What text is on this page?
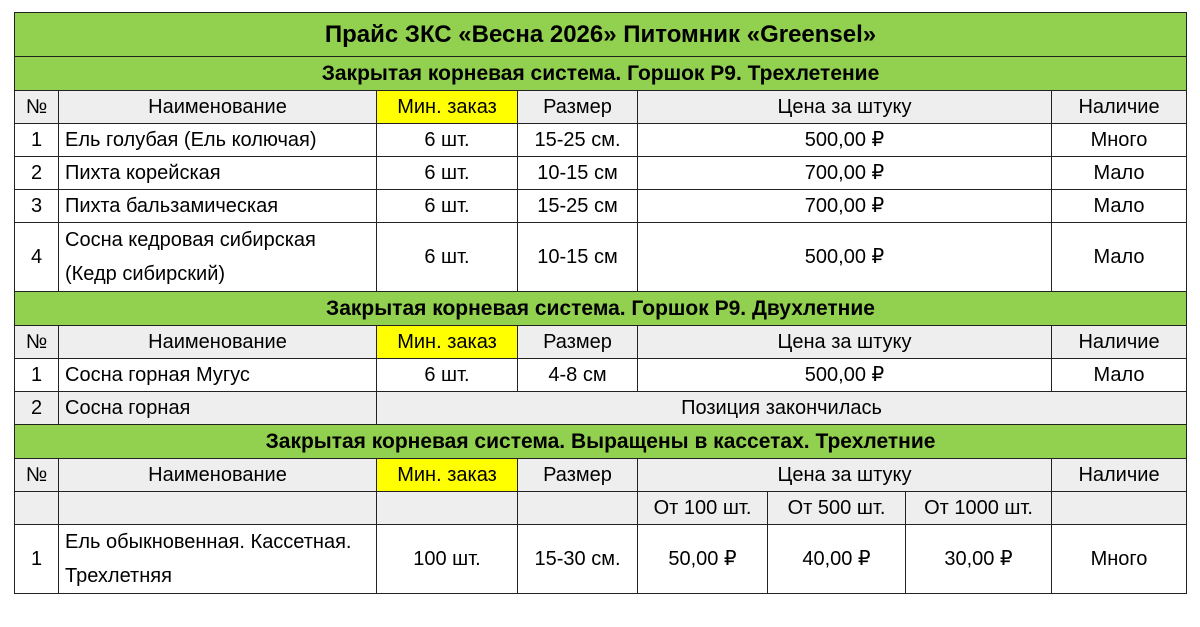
Прайс ЗКС «Весна 2026» Питомник «Greensel»							
Закрытая корневая система. Горшок Р9. Трехлетение							
№	Наименование	Мин. заказ	Размер	Цена за штуку			Наличие
1	Ель голубая (Ель колючая)	6 шт.	15-25 см.	500,00 ₽			Много
2	Пихта корейская	6 шт.	10-15 см	700,00 ₽			Мало
3	Пихта бальзамическая	6 шт.	15-25 см	700,00 ₽			Мало
4	Сосна кедровая сибирская (Кедр сибирский)	6 шт.	10-15 см	500,00 ₽			Мало
Закрытая корневая система. Горшок Р9. Двухлетние							
№	Наименование	Мин. заказ	Размер	Цена за штуку			Наличие
1	Сосна горная Мугус	6 шт.	4-8 см	500,00 ₽			Мало
2	Сосна горная	Позиция закончилась					
Закрытая корневая система. Выращены в кассетах. Трехлетние							
№	Наименование	Мин. заказ	Размер	Цена за штуку			Наличие
				От 100 шт.	От 500 шт.	От 1000 шт.	
1	Ель обыкновенная. Кассетная. Трехлетняя	100 шт.	15-30 см.	50,00 ₽	40,00 ₽	30,00 ₽	Много
